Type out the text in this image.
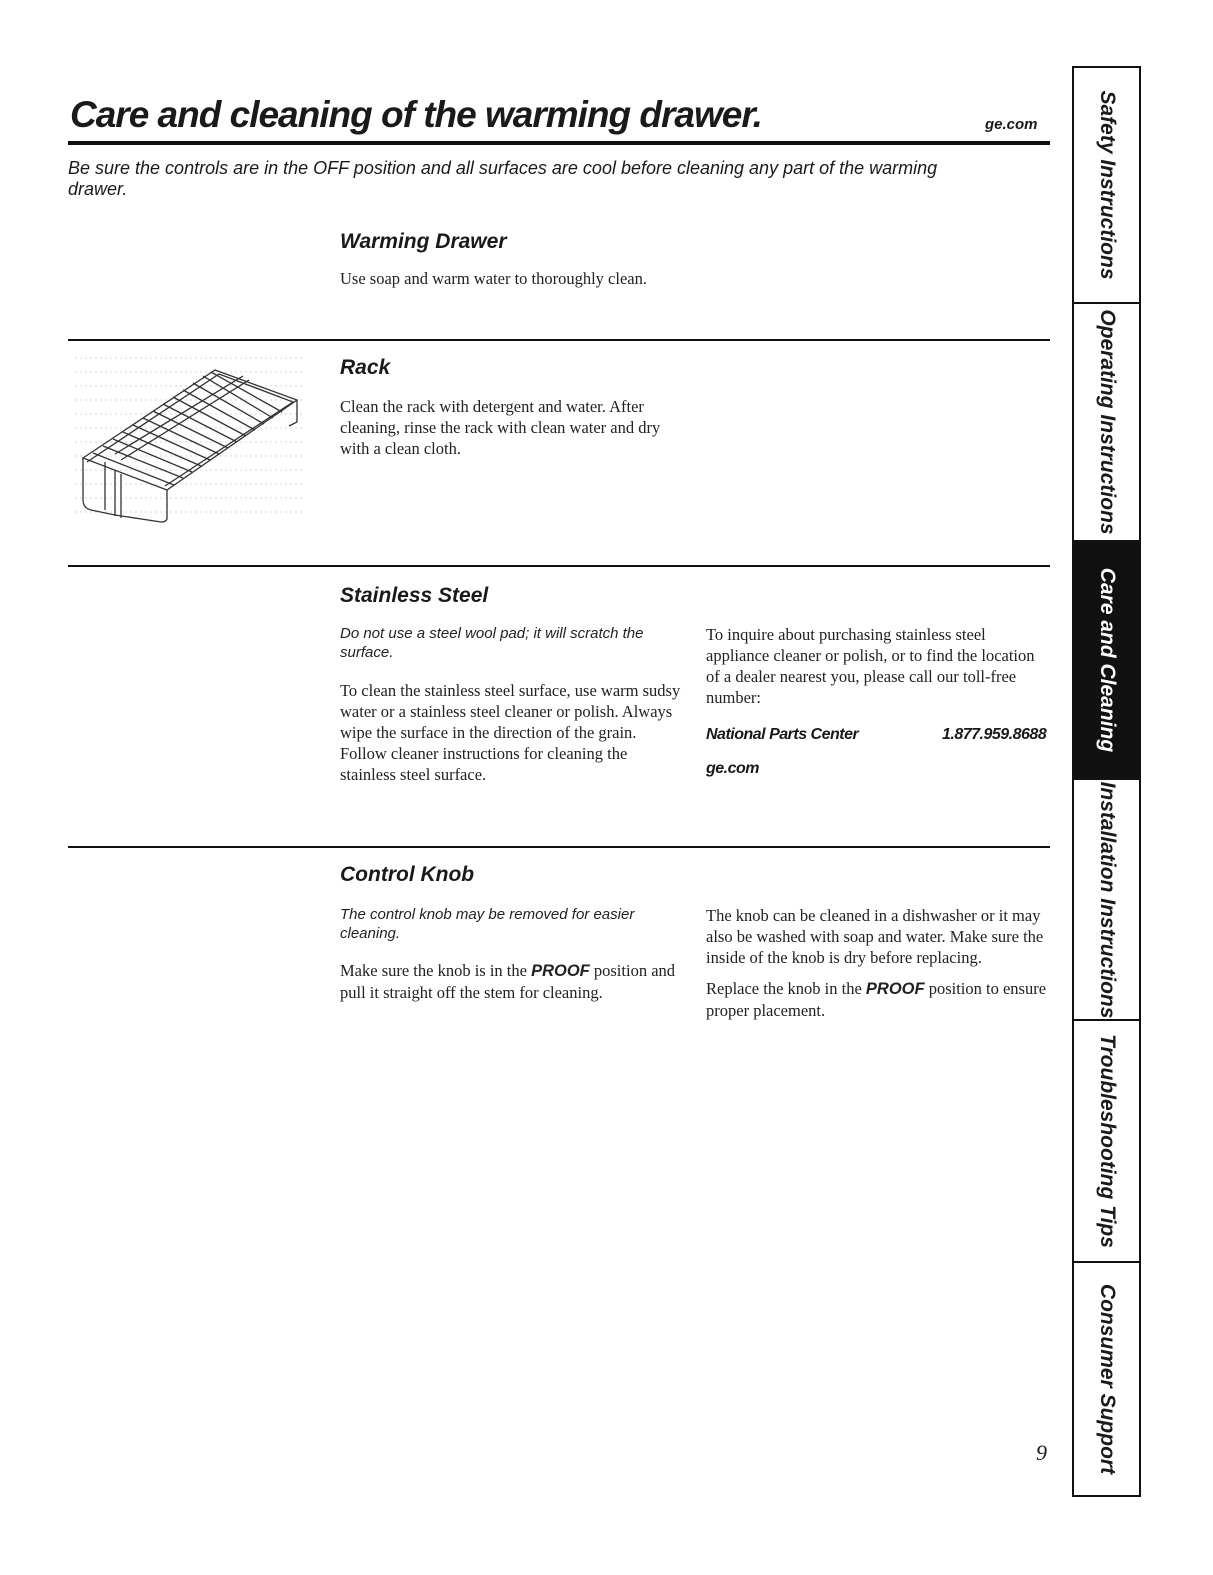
Care and cleaning of the warming drawer.	ge.com
Be sure the controls are in the OFF position and all surfaces are cool before cleaning any part of the warming drawer.
Warming Drawer
Use soap and warm water to thoroughly clean.
Rack
Clean the rack with detergent and water. After cleaning, rinse the rack with clean water and dry with a clean cloth.
Stainless Steel
Do not use a steel wool pad; it will scratch the surface.
To clean the stainless steel surface, use warm sudsy water or a stainless steel cleaner or polish. Always wipe the surface in the direction of the grain. Follow cleaner instructions for cleaning the stainless steel surface.
To inquire about purchasing stainless steel appliance cleaner or polish, or to find the location of a dealer nearest you, please call our toll-free number:
National Parts Center	1.877.959.8688
ge.com
Control Knob
The control knob may be removed for easier cleaning.
Make sure the knob is in the PROOF position and pull it straight off the stem for cleaning.

The knob can be cleaned in a dishwasher or it may also be washed with soap and water. Make sure the inside of the knob is dry before replacing.

Replace the knob in the PROOF position to ensure proper placement.

9
Safety Instructions
Operating Instructions
Care and Cleaning
Installation Instructions
Troubleshooting Tips
Consumer Support
